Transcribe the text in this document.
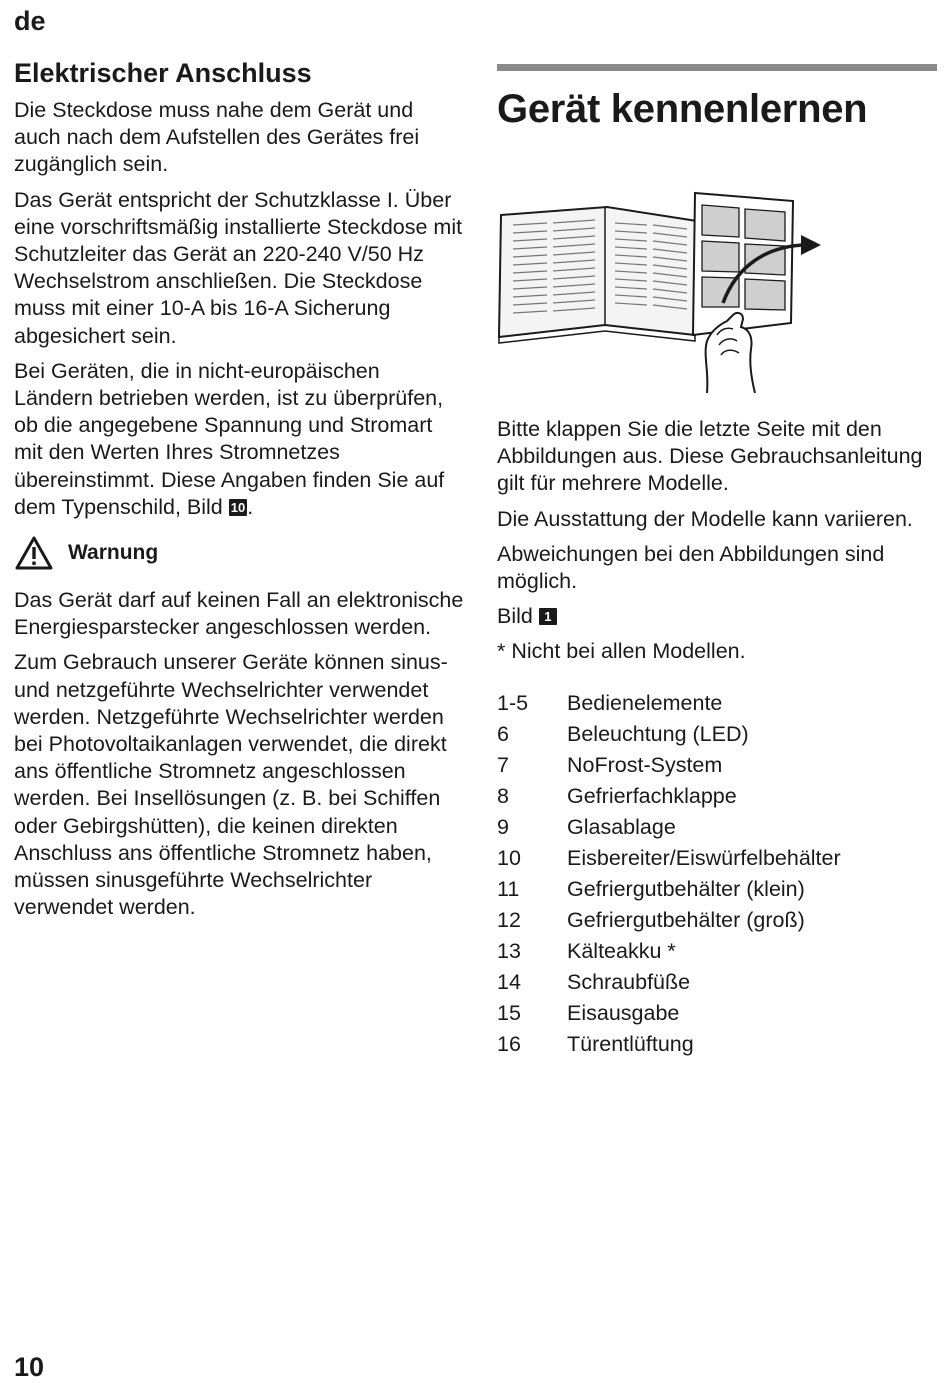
de
Elektrischer Anschluss

Die Steckdose muss nahe dem Gerät und auch nach dem Aufstellen des Gerätes frei zugänglich sein.

Das Gerät entspricht der Schutzklasse I. Über eine vorschriftsmäßig installierte Steckdose mit Schutzleiter das Gerät an 220-240 V/50 Hz Wechselstrom anschließen. Die Steckdose muss mit einer 10-A bis 16-A Sicherung abgesichert sein.

Bei Geräten, die in nicht-europäischen Ländern betrieben werden, ist zu überprüfen, ob die angegebene Spannung und Stromart mit den Werten Ihres Stromnetzes übereinstimmt. Diese Angaben finden Sie auf dem Typenschild, Bild 10.

Warnung

Das Gerät darf auf keinen Fall an elektronische Energiesparstecker angeschlossen werden.

Zum Gebrauch unserer Geräte können sinus- und netzgeführte Wechselrichter verwendet werden. Netzgeführte Wechselrichter werden bei Photovoltaikanlagen verwendet, die direkt ans öffentliche Stromnetz angeschlossen werden. Bei Insellösungen (z. B. bei Schiffen oder Gebirgshütten), die keinen direkten Anschluss ans öffentliche Stromnetz haben, müssen sinusgeführte Wechselrichter verwendet werden.

Gerät kennenlernen

Bitte klappen Sie die letzte Seite mit den Abbildungen aus. Diese Gebrauchsanleitung gilt für mehrere Modelle.

Die Ausstattung der Modelle kann variieren.

Abweichungen bei den Abbildungen sind möglich.

Bild 1

* Nicht bei allen Modellen.

1-5	Bedienelemente
6	Beleuchtung (LED)
7	NoFrost-System
8	Gefrierfachklappe
9	Glasablage
10	Eisbereiter/Eiswürfelbehälter
11	Gefriergutbehälter (klein)
12	Gefriergutbehälter (groß)
13	Kälteakku *
14	Schraubfüße
15	Eisausgabe
16	Türentlüftung
10
